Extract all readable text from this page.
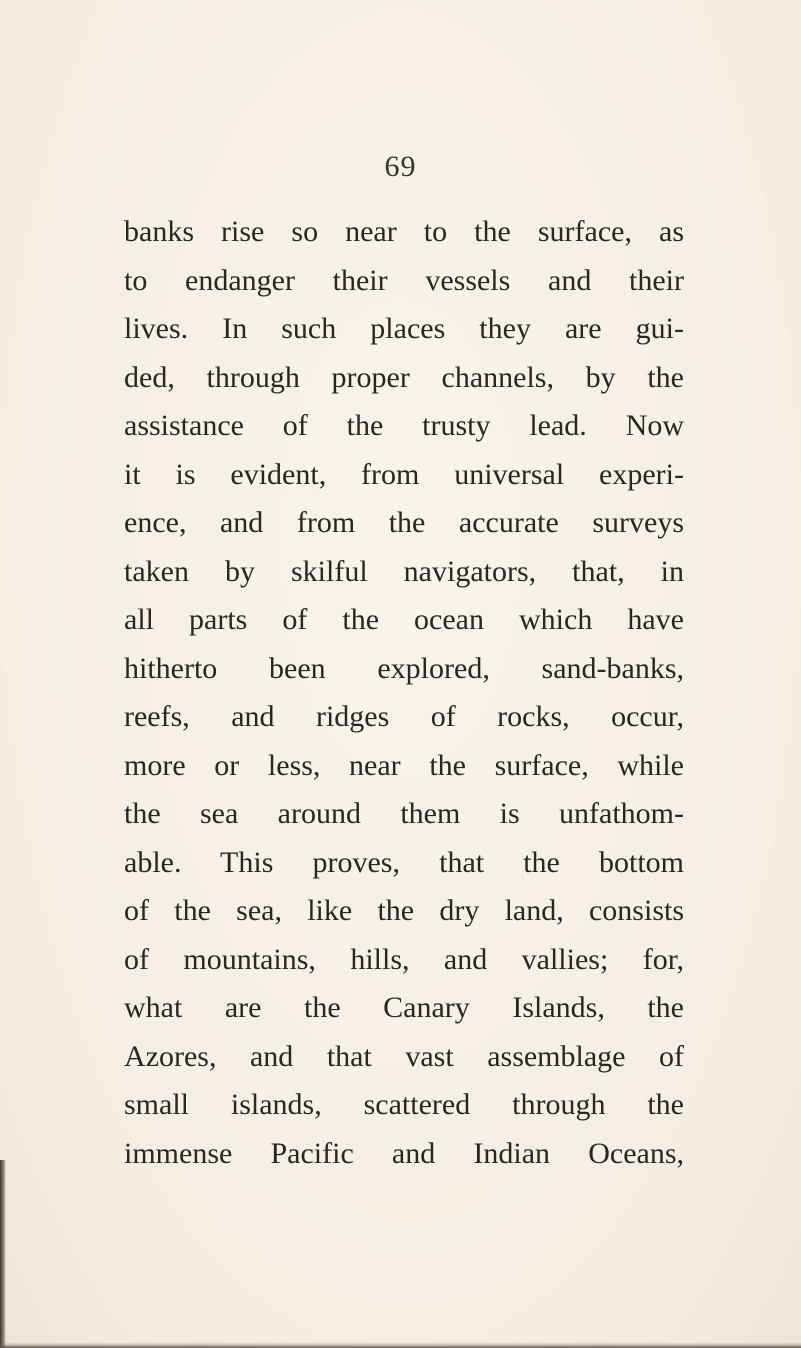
69
banks rise so near to the surface, as
to endanger their vessels and their
lives. In such places they are gui-
ded, through proper channels, by the
assistance of the trusty lead. Now
it is evident, from universal experi-
ence, and from the accurate surveys
taken by skilful navigators, that, in
all parts of the ocean which have
hitherto been explored, sand-banks,
reefs, and ridges of rocks, occur,
more or less, near the surface, while
the sea around them is unfathom-
able. This proves, that the bottom
of the sea, like the dry land, consists
of mountains, hills, and vallies; for,
what are the Canary Islands, the
Azores, and that vast assemblage of
small islands, scattered through the
immense Pacific and Indian Oceans,
